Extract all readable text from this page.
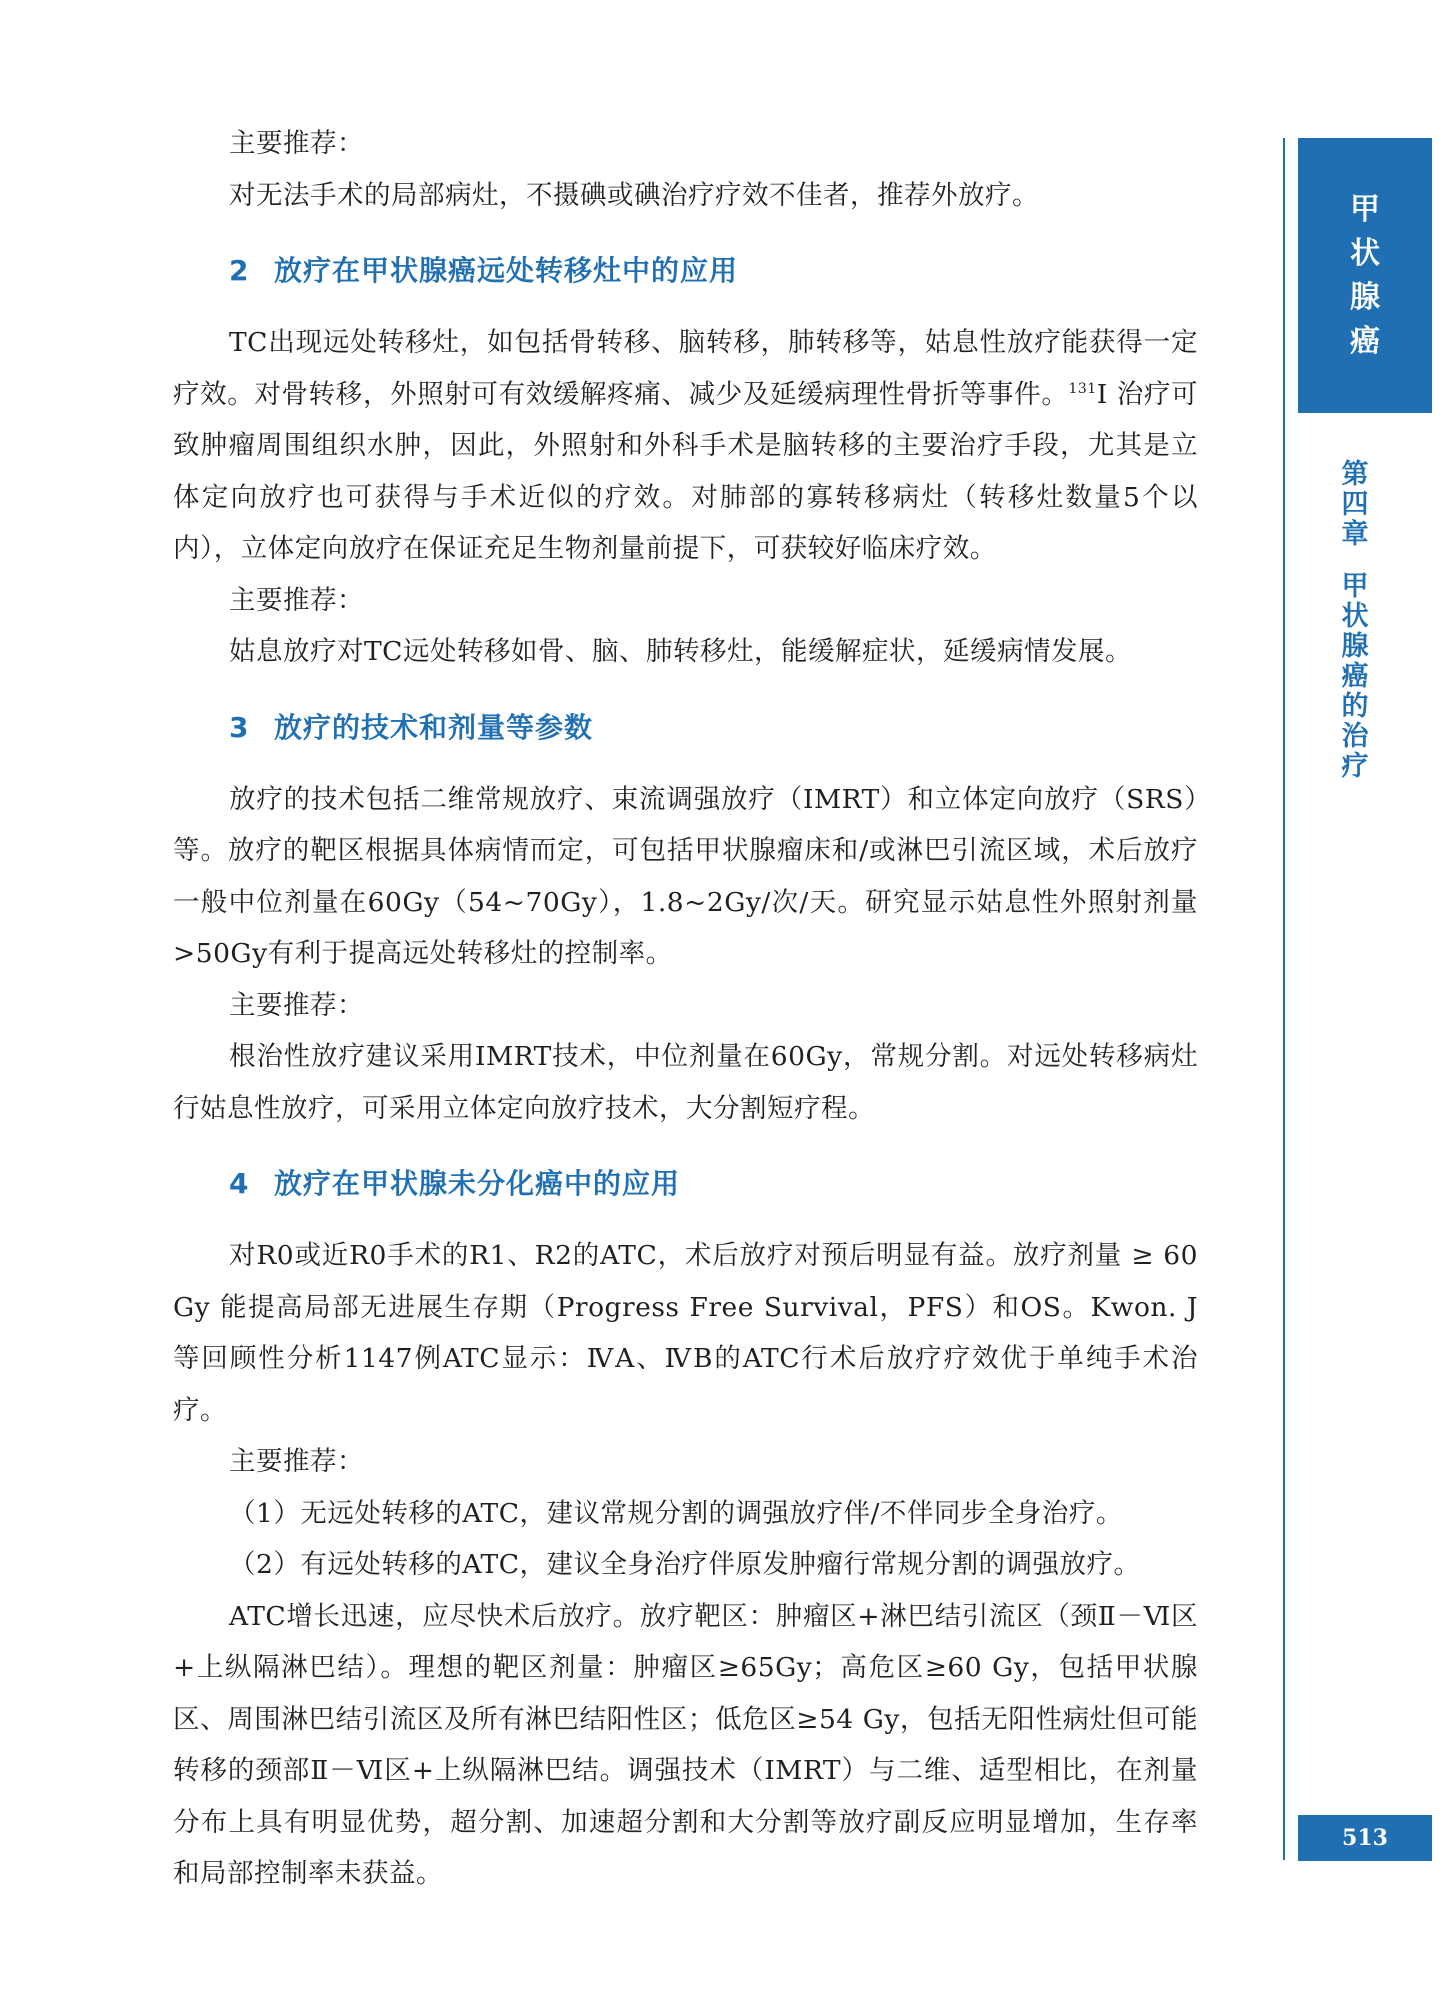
主要推荐：

对无法手术的局部病灶，不摄碘或碘治疗疗效不佳者，推荐外放疗。

2 放疗在甲状腺癌远处转移灶中的应用

TC出现远处转移灶，如包括骨转移、脑转移，肺转移等，姑息性放疗能获得一定疗效。对骨转移，外照射可有效缓解疼痛、减少及延缓病理性骨折等事件。$^{131}$I 治疗可致肿瘤周围组织水肿，因此，外照射和外科手术是脑转移的主要治疗手段，尤其是立体定向放疗也可获得与手术近似的疗效。对肺部的寡转移病灶（转移灶数量5个以内），立体定向放疗在保证充足生物剂量前提下，可获较好临床疗效。

主要推荐：

姑息放疗对TC远处转移如骨、脑、肺转移灶，能缓解症状，延缓病情发展。

3 放疗的技术和剂量等参数

放疗的技术包括二维常规放疗、束流调强放疗（IMRT）和立体定向放疗（SRS）等。放疗的靶区根据具体病情而定，可包括甲状腺瘤床和/或淋巴引流区域，术后放疗一般中位剂量在60Gy（54~70Gy），1.8~2Gy/次/天。研究显示姑息性外照射剂量>50Gy有利于提高远处转移灶的控制率。

主要推荐：

根治性放疗建议采用IMRT技术，中位剂量在60Gy，常规分割。对远处转移病灶行姑息性放疗，可采用立体定向放疗技术，大分割短疗程。

4 放疗在甲状腺未分化癌中的应用

对R0或近R0手术的R1、R2的ATC，术后放疗对预后明显有益。放疗剂量 ≥ 60 Gy 能提高局部无进展生存期（Progress Free Survival，PFS）和OS。Kwon. J等回顾性分析1147例ATC显示：ⅣA、ⅣB的ATC行术后放疗疗效优于单纯手术治疗。

主要推荐：

（1）无远处转移的ATC，建议常规分割的调强放疗伴/不伴同步全身治疗。

（2）有远处转移的ATC，建议全身治疗伴原发肿瘤行常规分割的调强放疗。

ATC增长迅速，应尽快术后放疗。放疗靶区：肿瘤区+淋巴结引流区（颈Ⅱ－Ⅵ区+上纵隔淋巴结）。理想的靶区剂量：肿瘤区≥65Gy；高危区≥60 Gy，包括甲状腺区、周围淋巴结引流区及所有淋巴结阳性区；低危区≥54 Gy，包括无阳性病灶但可能转移的颈部Ⅱ－Ⅵ区+上纵隔淋巴结。调强技术（IMRT）与二维、适型相比，在剂量分布上具有明显优势，超分割、加速超分割和大分割等放疗副反应明显增加，生存率和局部控制率未获益。

甲
状
腺
癌
第
四
章
甲
状
腺
癌
的
治
疗
513
